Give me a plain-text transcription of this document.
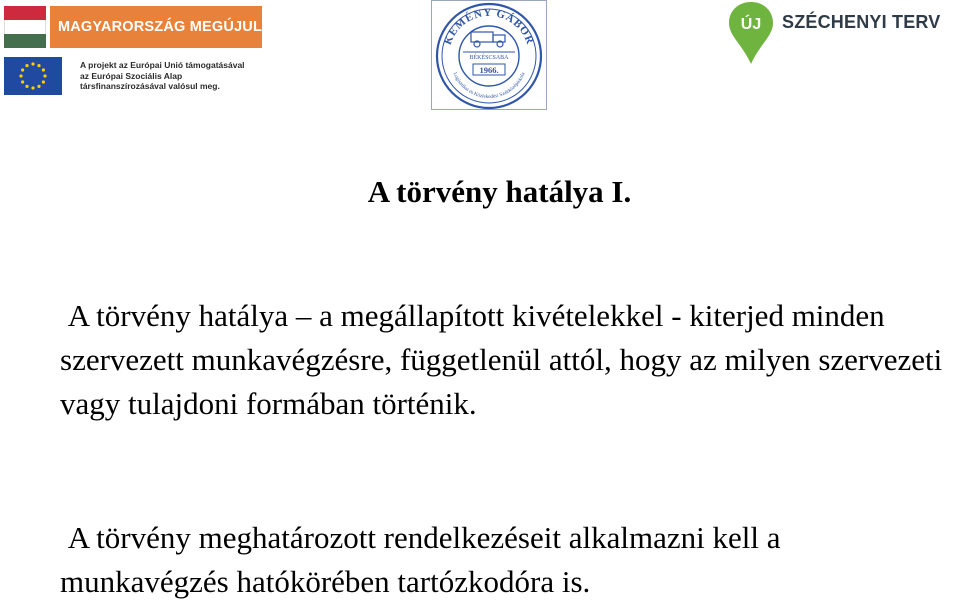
MAGYARORSZÁG MEGÚJUL
A projekt az Európai Unió támogatásával
az Európai Szociális Alap
társfinanszírozásával valósul meg.
KEMÉNY GÁBOR
Logisztikai és Közlekedési Szakközépiskola
BÉKÉSCSABA
1966.
ÚJ SZÉCHENYI TERV
A törvény hatálya I.

A törvény hatálya – a megállapított kivételekkel - kiterjed minden szervezett munkavégzésre, függetlenül attól, hogy az milyen szervezeti vagy tulajdoni formában történik.

A törvény meghatározott rendelkezéseit alkalmazni kell a munkavégzés hatókörében tartózkodóra is.
